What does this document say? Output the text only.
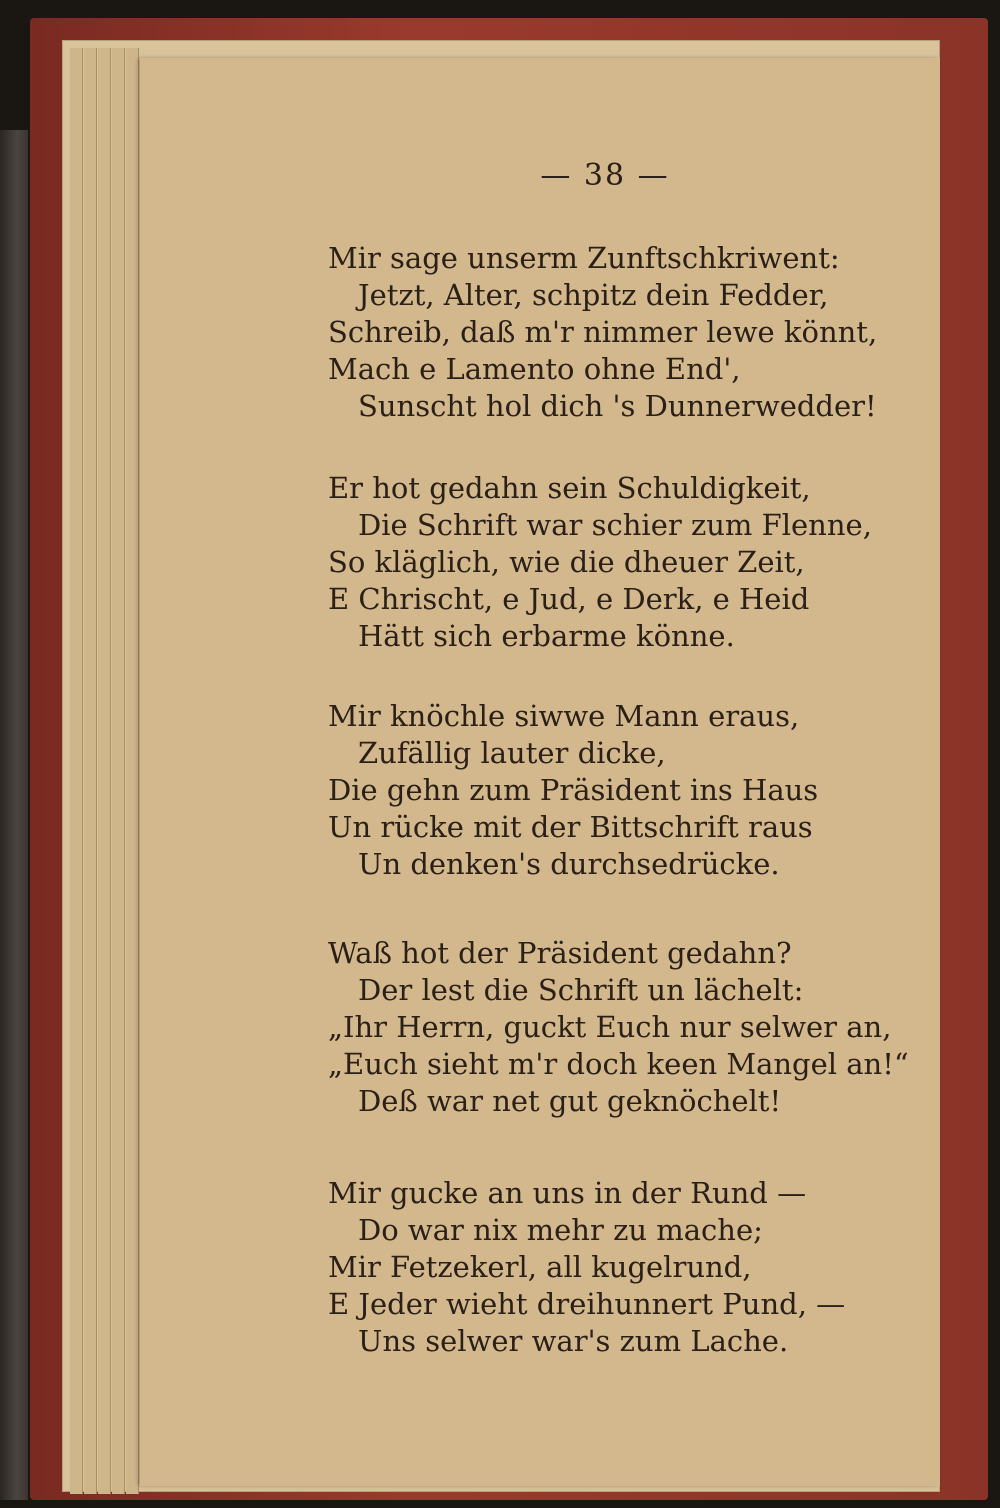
— 38 —
Mir sage unserm Zunftschkriwent:
Jetzt, Alter, schpitz dein Fedder,
Schreib, daß m'r nimmer lewe könnt,
Mach e Lamento ohne End',
Sunscht hol dich 's Dunnerwedder!
Er hot gedahn sein Schuldigkeit,
Die Schrift war schier zum Flenne,
So kläglich, wie die dheuer Zeit,
E Chrischt, e Jud, e Derk, e Heid
Hätt sich erbarme könne.
Mir knöchle siwwe Mann eraus,
Zufällig lauter dicke,
Die gehn zum Präsident ins Haus
Un rücke mit der Bittschrift raus
Un denken's durchsedrücke.
Waß hot der Präsident gedahn?
Der lest die Schrift un lächelt:
„Ihr Herrn, guckt Euch nur selwer an,
„Euch sieht m'r doch keen Mangel an!“
Deß war net gut geknöchelt!
Mir gucke an uns in der Rund —
Do war nix mehr zu mache;
Mir Fetzekerl, all kugelrund,
E Jeder wieht dreihunnert Pund, —
Uns selwer war's zum Lache.
